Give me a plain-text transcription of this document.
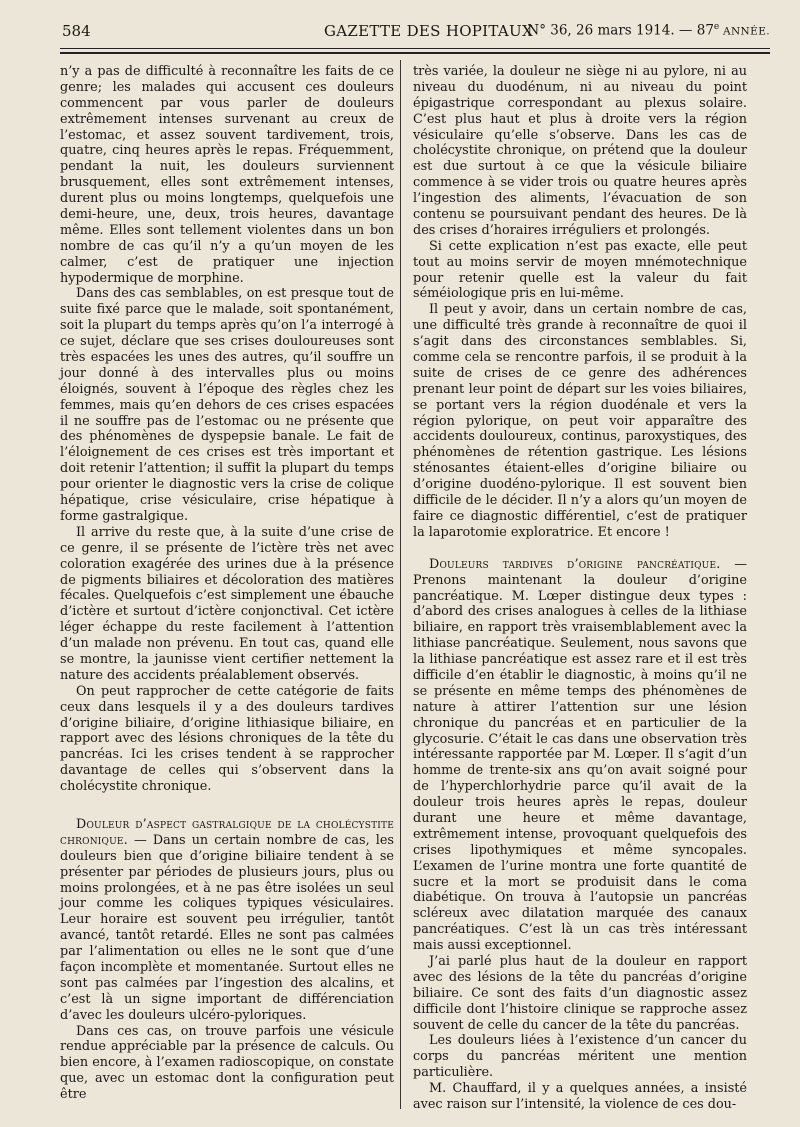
584	GAZETTE DES HOPITAUX
N° 36, 26 mars 1914. — 87e ANNÉE.

n’y a pas de difficulté à reconnaître les faits de ce genre; les malades qui accusent ces douleurs commencent par vous parler de douleurs extrêmement intenses survenant au creux de l’estomac, et assez souvent tardivement, trois, quatre, cinq heures après le repas. Fréquemment, pendant la nuit, les douleurs surviennent brusquement, elles sont extrêmement intenses, durent plus ou moins longtemps, quelquefois une demi-heure, une, deux, trois heures, davantage même. Elles sont tellement violentes dans un bon nombre de cas qu’il n’y a qu’un moyen de les calmer, c’est de pratiquer une injection hypodermique de morphine.

Dans des cas semblables, on est presque tout de suite fixé parce que le malade, soit spontanément, soit la plupart du temps après qu’on l’a interrogé à ce sujet, déclare que ses crises douloureuses sont très espacées les unes des autres, qu’il souffre un jour donné à des intervalles plus ou moins éloignés, souvent à l’époque des règles chez les femmes, mais qu’en dehors de ces crises espacées il ne souffre pas de l’estomac ou ne présente que des phénomènes de dyspepsie banale. Le fait de l’éloignement de ces crises est très important et doit retenir l’attention; il suffit la plupart du temps pour orienter le diagnostic vers la crise de colique hépatique, crise vésiculaire, crise hépatique à forme gastralgique.

Il arrive du reste que, à la suite d’une crise de ce genre, il se présente de l’ictère très net avec coloration exagérée des urines due à la présence de pigments biliaires et décoloration des matières fécales. Quelquefois c’est simplement une ébauche d’ictère et surtout d’ictère conjonctival. Cet ictère léger échappe du reste facilement à l’attention d’un malade non prévenu. En tout cas, quand elle se montre, la jaunisse vient certifier nettement la nature des accidents préalablement observés.

On peut rapprocher de cette catégorie de faits ceux dans lesquels il y a des douleurs tardives d’origine biliaire, d’origine lithiasique biliaire, en rapport avec des lésions chroniques de la tête du pancréas. Ici les crises tendent à se rapprocher davantage de celles qui s’observent dans la cholécystite chronique.

Douleur d’aspect gastralgique de la cholécystite chronique. — Dans un certain nombre de cas, les douleurs bien que d’origine biliaire tendent à se présenter par périodes de plusieurs jours, plus ou moins prolongées, et à ne pas être isolées un seul jour comme les coliques typiques vésiculaires. Leur horaire est souvent peu irrégulier, tantôt avancé, tantôt retardé. Elles ne sont pas calmées par l’alimentation ou elles ne le sont que d’une façon incomplète et momentanée. Surtout elles ne sont pas calmées par l’ingestion des alcalins, et c’est là un signe important de différenciation d’avec les douleurs ulcéro-pyloriques.

Dans ces cas, on trouve parfois une vésicule rendue appréciable par la présence de calculs. Ou bien encore, à l’examen radioscopique, on constate que, avec un estomac dont la configuration peut être

très variée, la douleur ne siège ni au pylore, ni au niveau du duodénum, ni au niveau du point épigastrique correspondant au plexus solaire. C’est plus haut et plus à droite vers la région vésiculaire qu’elle s’observe. Dans les cas de cholécystite chronique, on prétend que la douleur est due surtout à ce que la vésicule biliaire commence à se vider trois ou quatre heures après l’ingestion des aliments, l’évacuation de son contenu se poursuivant pendant des heures. De là des crises d’horaires irréguliers et prolongés.

Si cette explication n’est pas exacte, elle peut tout au moins servir de moyen mnémotechnique pour retenir quelle est la valeur du fait séméiologique pris en lui-même.

Il peut y avoir, dans un certain nombre de cas, une difficulté très grande à reconnaître de quoi il s’agit dans des circonstances semblables. Si, comme cela se rencontre parfois, il se produit à la suite de crises de ce genre des adhérences prenant leur point de départ sur les voies biliaires, se portant vers la région duodénale et vers la région pylorique, on peut voir apparaître des accidents douloureux, continus, paroxystiques, des phénomènes de rétention gastrique. Les lésions sténosantes étaient-elles d’origine biliaire ou d’origine duodéno-pylorique. Il est souvent bien difficile de le décider. Il n’y a alors qu’un moyen de faire ce diagnostic différentiel, c’est de pratiquer la laparotomie exploratrice. Et encore !

Douleurs tardives d’origine pancréatique. — Prenons maintenant la douleur d’origine pancréatique. M. Lœper distingue deux types : d’abord des crises analogues à celles de la lithiase biliaire, en rapport très vraisemblablement avec la lithiase pancréatique. Seulement, nous savons que la lithiase pancréatique est assez rare et il est très difficile d’en établir le diagnostic, à moins qu’il ne se présente en même temps des phénomènes de nature à attirer l’attention sur une lésion chronique du pancréas et en particulier de la glycosurie. C’était le cas dans une observation très intéressante rapportée par M. Lœper. Il s’agit d’un homme de trente-six ans qu’on avait soigné pour de l’hyperchlorhydrie parce qu’il avait de la douleur trois heures après le repas, douleur durant une heure et même davantage, extrêmement intense, provoquant quelquefois des crises lipothymiques et même syncopales. L’examen de l’urine montra une forte quantité de sucre et la mort se produisit dans le coma diabétique. On trouva à l’autopsie un pancréas scléreux avec dilatation marquée des canaux pancréatiques. C’est là un cas très intéressant mais aussi exceptionnel.

J’ai parlé plus haut de la douleur en rapport avec des lésions de la tête du pancréas d’origine biliaire. Ce sont des faits d’un diagnostic assez difficile dont l’histoire clinique se rapproche assez souvent de celle du cancer de la tête du pancréas.

Les douleurs liées à l’existence d’un cancer du corps du pancréas méritent une mention particulière.

M. Chauffard, il y a quelques années, a insisté avec raison sur l’intensité, la violence de ces dou-
